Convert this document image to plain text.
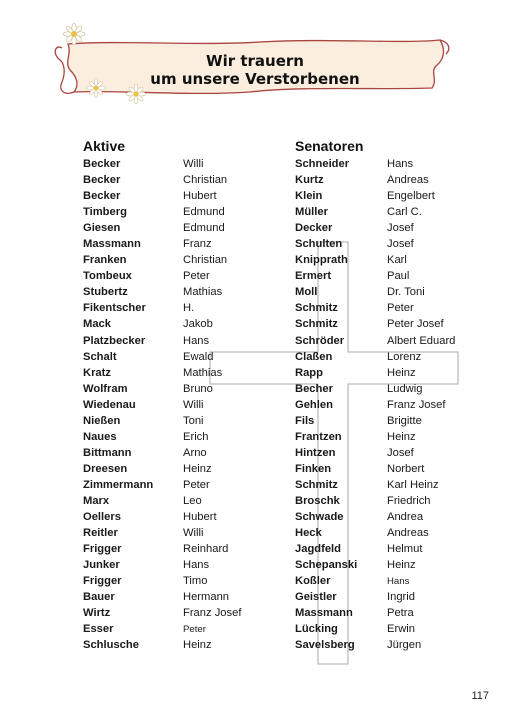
Wir trauern
um unsere Verstorbenen
Aktive
Becker	Willi
Becker	Christian
Becker	Hubert
Timberg	Edmund
Giesen	Edmund
Massmann	Franz
Franken	Christian
Tombeux	Peter
Stubertz	Mathias
Fikentscher	H.
Mack	Jakob
Platzbecker	Hans
Schalt	Ewald
Kratz	Mathias
Wolfram	Bruno
Wiedenau	Willi
Nießen	Toni
Naues	Erich
Bittmann	Arno
Dreesen	Heinz
Zimmermann	Peter
Marx	Leo
Oellers	Hubert
Reitler	Willi
Frigger	Reinhard
Junker	Hans
Frigger	Timo
Bauer	Hermann
Wirtz	Franz Josef
Esser	Peter
Schlusche	Heinz
Senatoren
Schneider	Hans
Kurtz	Andreas
Klein	Engelbert
Müller	Carl C.
Decker	Josef
Schulten	Josef
Knipprath	Karl
Ermert	Paul
Moll	Dr. Toni
Schmitz	Peter
Schmitz	Peter Josef
Schröder	Albert Eduard
Claßen	Lorenz
Rapp	Heinz
Becher	Ludwig
Gehlen	Franz Josef
Fils	Brigitte
Frantzen	Heinz
Hintzen	Josef
Finken	Norbert
Schmitz	Karl Heinz
Broschk	Friedrich
Schwade	Andrea
Heck	Andreas
Jagdfeld	Helmut
Schepanski	Heinz
Koßler	Hans
Geistler	Ingrid
Massmann	Petra
Lücking	Erwin
Savelsberg	Jürgen
117
